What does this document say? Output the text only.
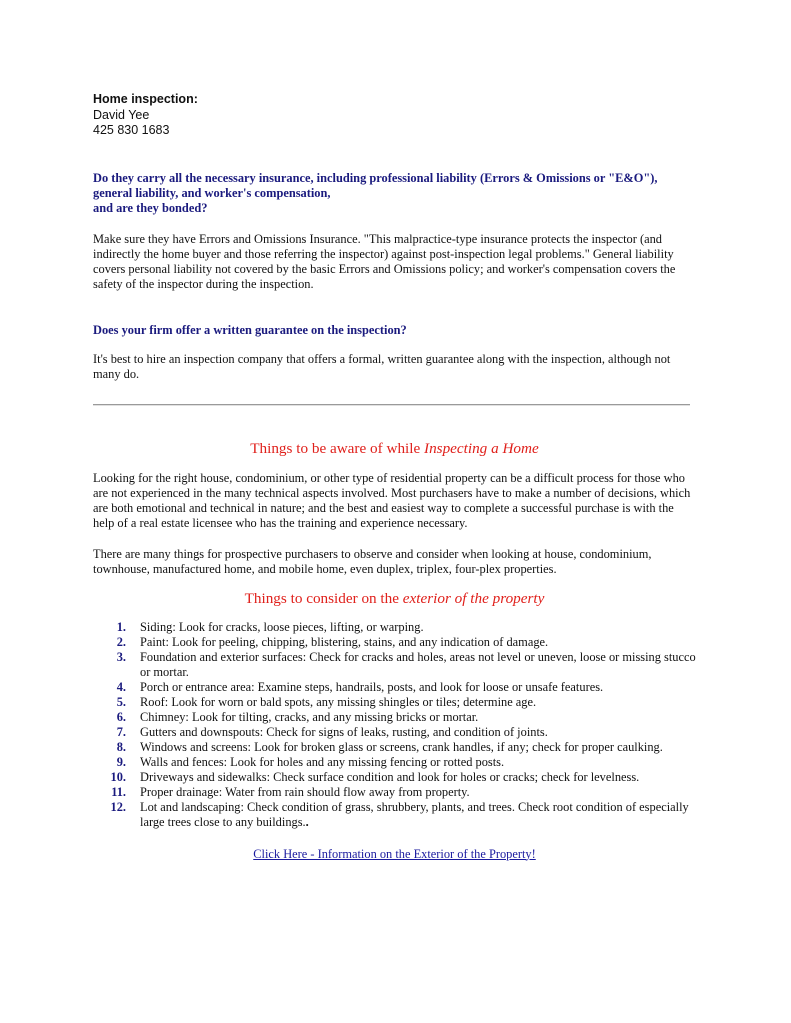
Home inspection:
David Yee
425 830 1683

Do they carry all the necessary insurance, including professional liability (Errors & Omissions or "E&O"),
general liability, and worker's compensation,
and are they bonded?

Make sure they have Errors and Omissions Insurance. "This malpractice-type insurance protects the inspector (and indirectly the home buyer and those referring the inspector) against post-inspection legal problems." General liability covers personal liability not covered by the basic Errors and Omissions policy; and worker's compensation covers the safety of the inspector during the inspection.

Does your firm offer a written guarantee on the inspection?

It's best to hire an inspection company that offers a formal, written guarantee along with the inspection, although not many do.

Things to be aware of while Inspecting a Home

Looking for the right house, condominium, or other type of residential property can be a difficult process for those who are not experienced in the many technical aspects involved. Most purchasers have to make a number of decisions, which are both emotional and technical in nature; and the best and easiest way to complete a successful purchase is with the help of a real estate licensee who has the training and experience necessary.

There are many things for prospective purchasers to observe and consider when looking at house, condominium, townhouse, manufactured home, and mobile home, even duplex, triplex, four-plex properties.

Things to consider on the exterior of the property

1. Siding: Look for cracks, loose pieces, lifting, or warping.
2. Paint: Look for peeling, chipping, blistering, stains, and any indication of damage.
3. Foundation and exterior surfaces: Check for cracks and holes, areas not level or uneven, loose or missing stucco or mortar.
4. Porch or entrance area: Examine steps, handrails, posts, and look for loose or unsafe features.
5. Roof: Look for worn or bald spots, any missing shingles or tiles; determine age.
6. Chimney: Look for tilting, cracks, and any missing bricks or mortar.
7. Gutters and downspouts: Check for signs of leaks, rusting, and condition of joints.
8. Windows and screens: Look for broken glass or screens, crank handles, if any; check for proper caulking.
9. Walls and fences: Look for holes and any missing fencing or rotted posts.
10. Driveways and sidewalks: Check surface condition and look for holes or cracks; check for levelness.
11. Proper drainage: Water from rain should flow away from property.
12. Lot and landscaping: Check condition of grass, shrubbery, plants, and trees. Check root condition of especially large trees close to any buildings..
Click Here - Information on the Exterior of the Property!
